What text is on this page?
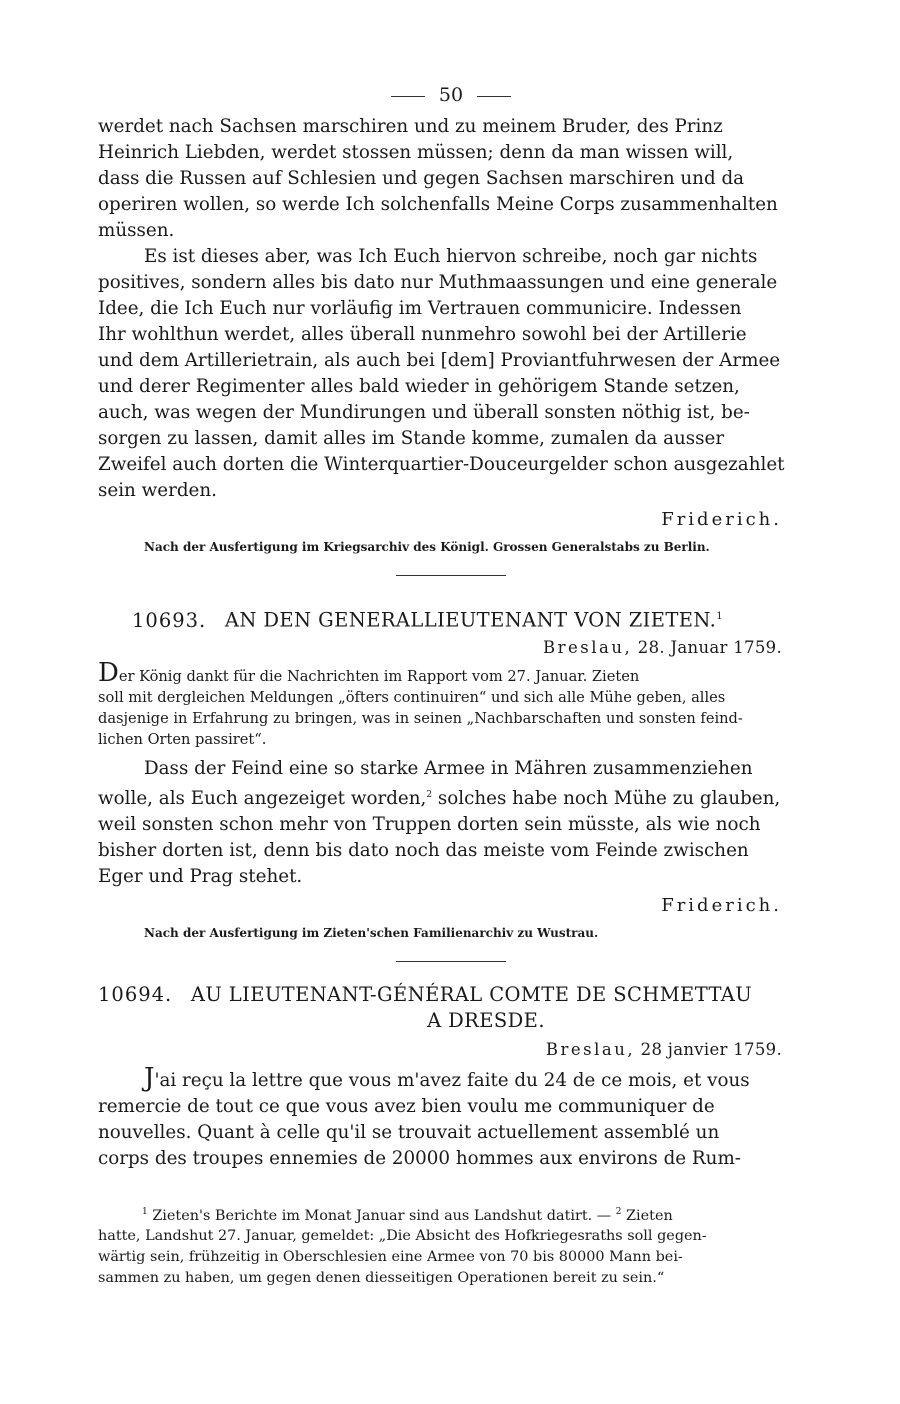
50

werdet nach Sachsen marschiren und zu meinem Bruder, des Prinz
Heinrich Liebden, werdet stossen müssen; denn da man wissen will,
dass die Russen auf Schlesien und gegen Sachsen marschiren und da
operiren wollen, so werde Ich solchenfalls Meine Corps zusammenhalten
müssen.

Es ist dieses aber, was Ich Euch hiervon schreibe, noch gar nichts
positives, sondern alles bis dato nur Muthmaassungen und eine generale
Idee, die Ich Euch nur vorläufig im Vertrauen communicire. Indessen
Ihr wohlthun werdet, alles überall nunmehro sowohl bei der Artillerie
und dem Artillerietrain, als auch bei [dem] Proviantfuhrwesen der Armee
und derer Regimenter alles bald wieder in gehörigem Stande setzen,
auch, was wegen der Mundirungen und überall sonsten nöthig ist, be-
sorgen zu lassen, damit alles im Stande komme, zumalen da ausser
Zweifel auch dorten die Winterquartier-Douceurgelder schon ausgezahlet
sein werden.

Friderich.
Nach der Ausfertigung im Kriegsarchiv des Königl. Grossen Generalstabs zu Berlin.
10693. AN DEN GENERALLIEUTENANT VON ZIETEN.$^1$
Breslau, 28. Januar 1759.

Der König dankt für die Nachrichten im Rapport vom 27. Januar. Zieten
soll mit dergleichen Meldungen „öfters continuiren“ und sich alle Mühe geben, alles
dasjenige in Erfahrung zu bringen, was in seinen „Nachbarschaften und sonsten feind-
lichen Orten passiret“.

Dass der Feind eine so starke Armee in Mähren zusammenziehen
wolle, als Euch angezeiget worden,$^2$ solches habe noch Mühe zu glauben,
weil sonsten schon mehr von Truppen dorten sein müsste, als wie noch
bisher dorten ist, denn bis dato noch das meiste vom Feinde zwischen
Eger und Prag stehet.

Friderich.
Nach der Ausfertigung im Zieten'schen Familienarchiv zu Wustrau.
10694. AU LIEUTENANT-GÉNÉRAL COMTE DE SCHMETTAU
A DRESDE.
Breslau, 28 janvier 1759.

J'ai reçu la lettre que vous m'avez faite du 24 de ce mois, et vous
remercie de tout ce que vous avez bien voulu me communiquer de
nouvelles. Quant à celle qu'il se trouvait actuellement assemblé un
corps des troupes ennemies de 20000 hommes aux environs de Rum-

$^1$ Zieten's Berichte im Monat Januar sind aus Landshut datirt. — $^2$ Zieten
hatte, Landshut 27. Januar, gemeldet: „Die Absicht des Hofkriegesraths soll gegen-
wärtig sein, frühzeitig in Oberschlesien eine Armee von 70 bis 80000 Mann bei-
sammen zu haben, um gegen denen diesseitigen Operationen bereit zu sein.“
